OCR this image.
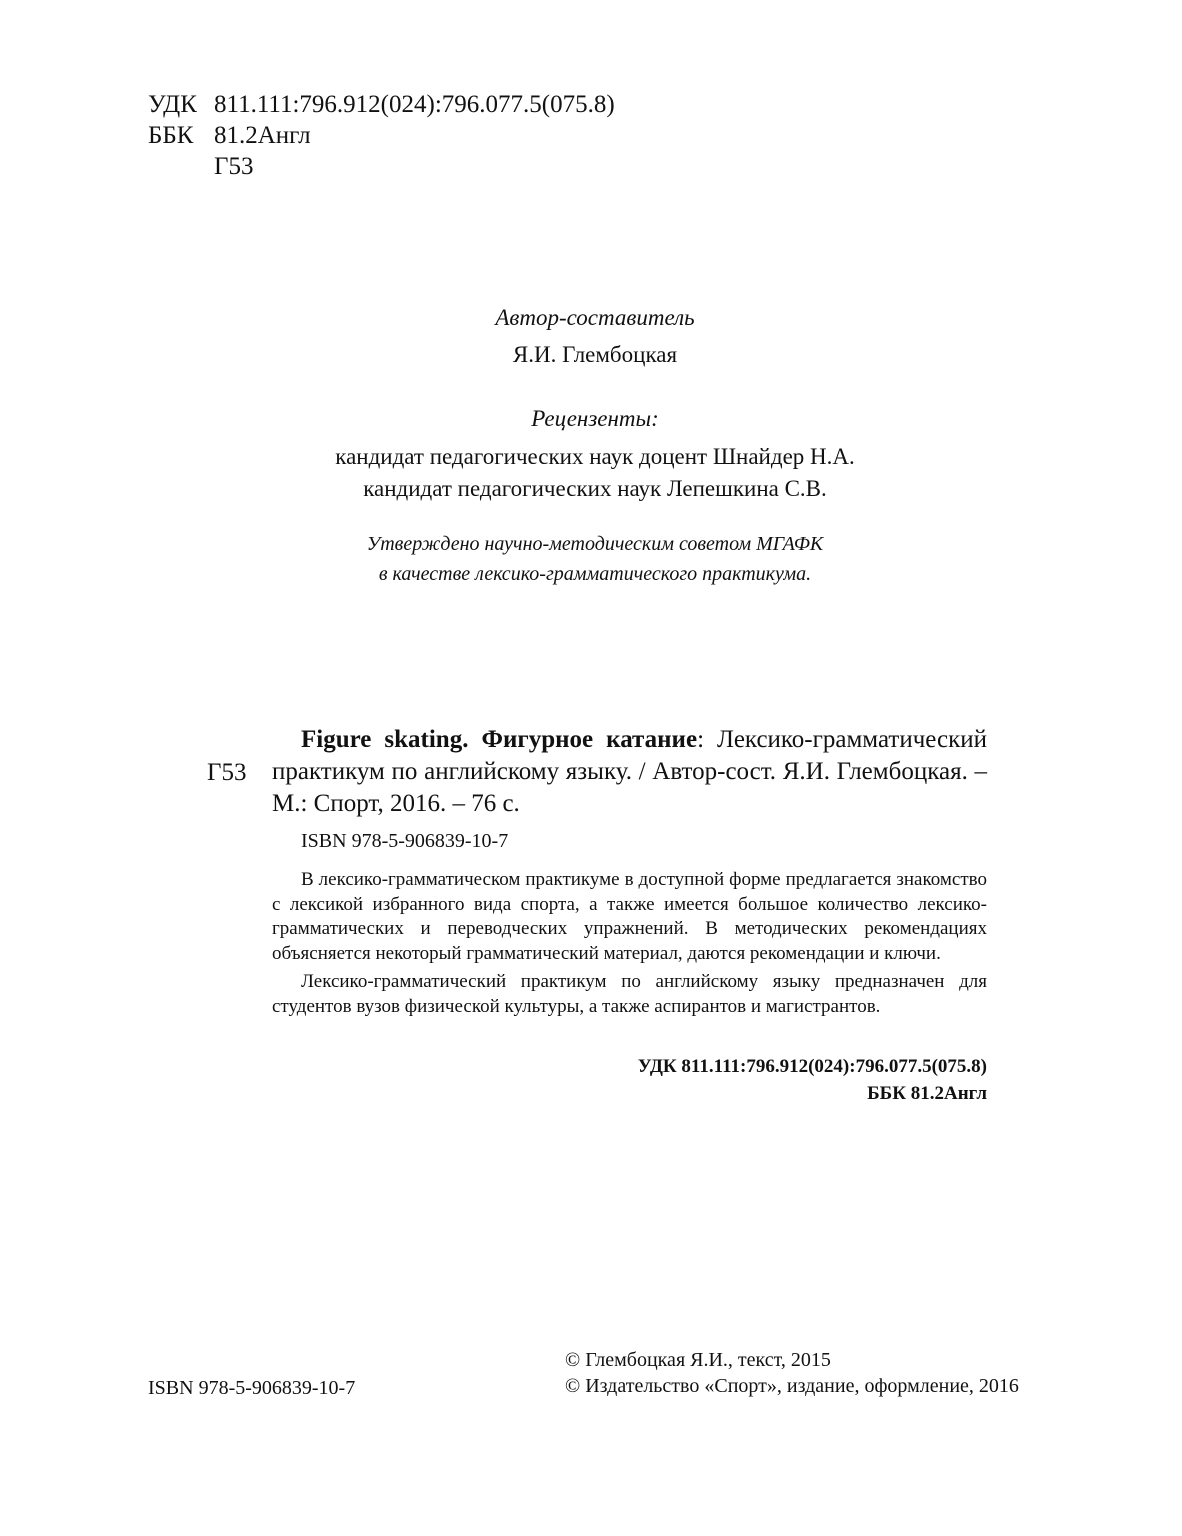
УДК 811.111:796.912(024):796.077.5(075.8)
ББК 81.2Англ
Г53
Автор-составитель
Я.И. Глембоцкая
Рецензенты:
кандидат педагогических наук доцент Шнайдер Н.А.
кандидат педагогических наук Лепешкина С.В.
Утверждено научно-методическим советом МГАФК
в качестве лексико-грамматического практикума.
Г53
Figure skating. Фигурное катание: Лексико-грамматический практикум по английскому языку. / Автор-сост. Я.И. Глембоцкая. – М.: Спорт, 2016. – 76 с.
ISBN 978-5-906839-10-7

В лексико-грамматическом практикуме в доступной форме предлагается знакомство с лексикой избранного вида спорта, а также имеется большое количество лексико-грамматических и переводческих упражнений. В методических рекомендациях объясняется некоторый грамматический материал, даются рекомендации и ключи.

Лексико-грамматический практикум по английскому языку предназначен для студентов вузов физической культуры, а также аспирантов и магистрантов.

УДК 811.111:796.912(024):796.077.5(075.8)
ББК 81.2Англ
ISBN 978-5-906839-10-7
© Глембоцкая Я.И., текст, 2015
© Издательство «Спорт», издание, оформление, 2016
